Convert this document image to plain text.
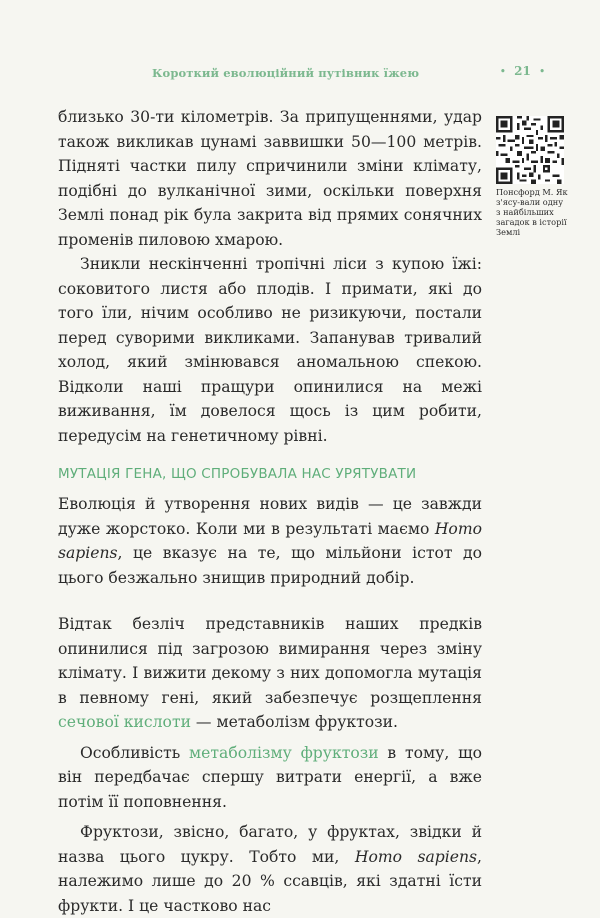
Короткий еволюційний путівник їжею	• 21 •
Понсфорд М. Як з'ясу-вали одну з найбільших загадок в історії Землі

близько 30-ти кілометрів. За припущеннями, удар також викликав цунамі заввишки 50—100 метрів. Підняті частки пилу спричинили зміни клімату, подібні до вулканічної зими, оскільки поверхня Землі понад рік була закрита від прямих сонячних променів пиловою хмарою.

Зникли нескінченні тропічні ліси з купою їжі: соковитого листя або плодів. І примати, які до того їли, нічим особливо не ризикуючи, постали перед суворими викликами. Запанував тривалий холод, який змінювався аномальною спекою. Відколи наші пращури опинилися на межі виживання, їм довелося щось із цим робити, передусім на генетичному рівні.

МУТАЦІЯ ГЕНА, ЩО СПРОБУВАЛА НАС УРЯТУВАТИ

Еволюція й утворення нових видів — це завжди дуже жорстоко. Коли ми в результаті маємо Homo sapiens, це вказує на те, що мільйони істот до цього безжально знищив природний добір.

Відтак безліч представників наших предків опинилися під загрозою вимирання через зміну клімату. І вижити декому з них допомогла мутація в певному гені, який забезпечує розщеплення сечової кислоти — метаболізм фруктози.

Особливість метаболізму фруктози в тому, що він передбачає спершу витрати енергії, а вже потім її поповнення.

Фруктози, звісно, багато, у фруктах, звідки й назва цього цукру. Тобто ми, Homo sapiens, належимо лише до 20 % ссавців, які здатні їсти фрукти. І це частково нас
